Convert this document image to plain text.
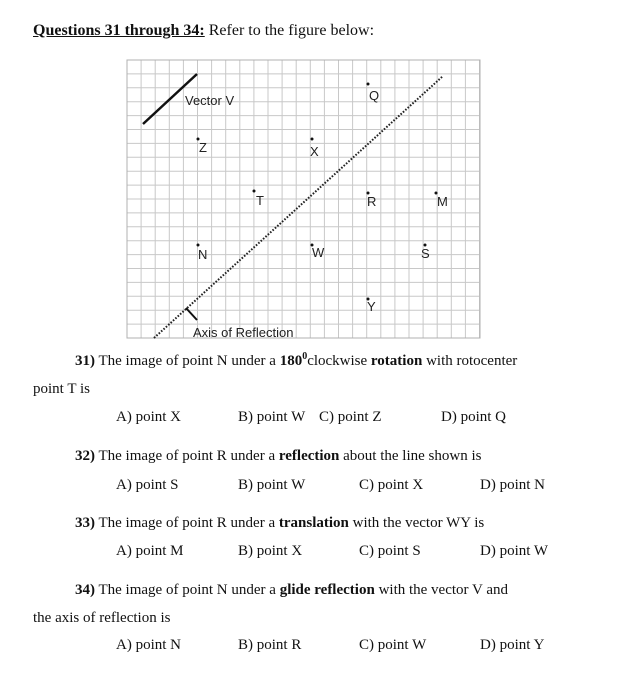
Questions 31 through 34: Refer to the figure below:
Vector V
Axis of Reflection
Q
Z	X
T	R	M
N	W	S
Y
31) The image of point N under a $180^0clockwise$ rotation with rotocenter
point T is
A) point X	B) point W C) point Z	D) point Q
32) The image of point R under a reflection about the line shown is
A) point S	B) point W	C) point X	D) point N
33) The image of point R under a translation with the vector WY is
A) point M	B) point X	C) point S	D) point W
34) The image of point N under a glide reflection with the vector V and
the axis of reflection is
A) point N	B) point R	C) point W	D) point Y
